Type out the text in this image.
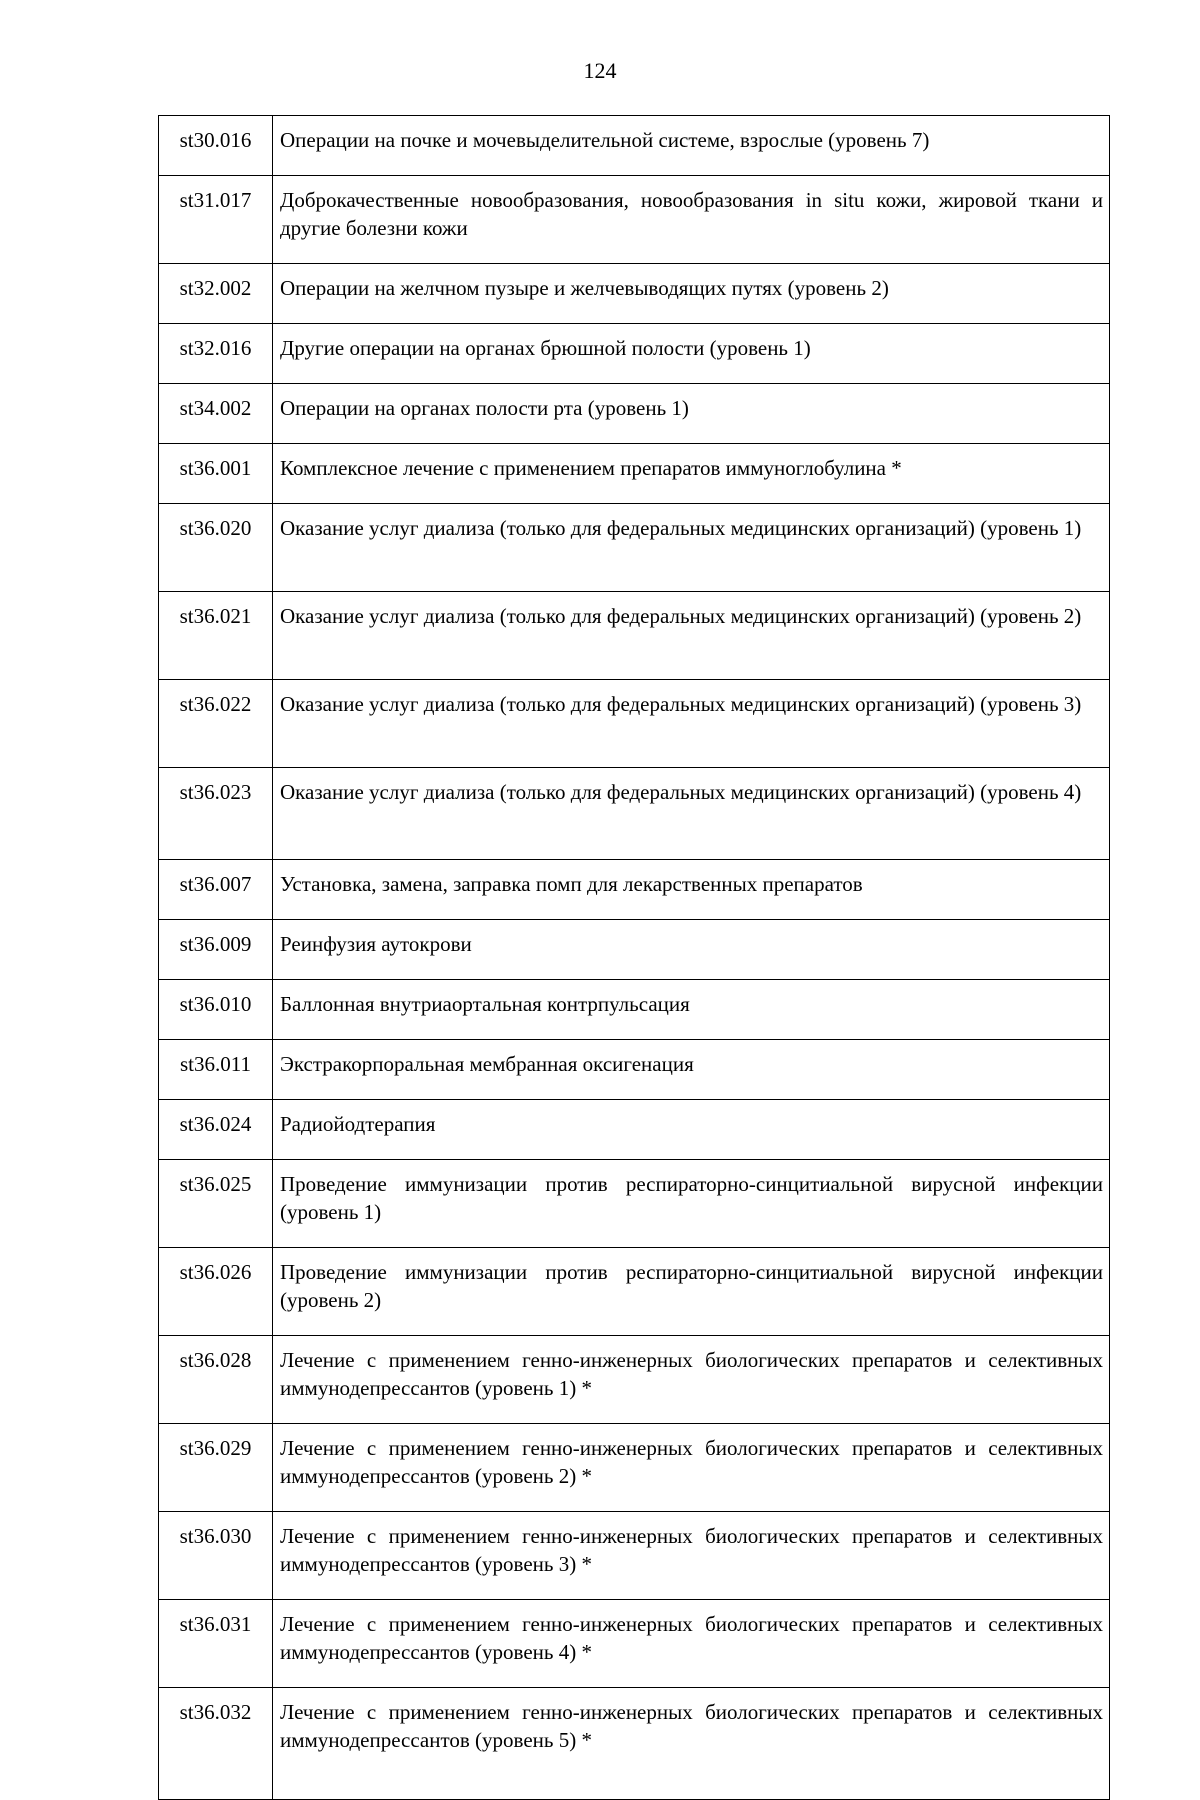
124
st30.016	Операции на почке и мочевыделительной системе, взрослые (уровень 7)
st31.017	Доброкачественные новообразования, новообразования in situ кожи, жировой ткани и другие болезни кожи
st32.002	Операции на желчном пузыре и желчевыводящих путях (уровень 2)
st32.016	Другие операции на органах брюшной полости (уровень 1)
st34.002	Операции на органах полости рта (уровень 1)
st36.001	Комплексное лечение с применением препаратов иммуноглобулина *
st36.020	Оказание услуг диализа (только для федеральных медицинских организаций) (уровень 1)
st36.021	Оказание услуг диализа (только для федеральных медицинских организаций) (уровень 2)
st36.022	Оказание услуг диализа (только для федеральных медицинских организаций) (уровень 3)
st36.023	Оказание услуг диализа (только для федеральных медицинских организаций) (уровень 4)
st36.007	Установка, замена, заправка помп для лекарственных препаратов
st36.009	Реинфузия аутокрови
st36.010	Баллонная внутриаортальная контрпульсация
st36.011	Экстракорпоральная мембранная оксигенация
st36.024	Радиойодтерапия
st36.025	Проведение иммунизации против респираторно-синцитиальной вирусной инфекции (уровень 1)
st36.026	Проведение иммунизации против респираторно-синцитиальной вирусной инфекции (уровень 2)
st36.028	Лечение с применением генно-инженерных биологических препаратов и селективных иммунодепрессантов (уровень 1) *
st36.029	Лечение с применением генно-инженерных биологических препаратов и селективных иммунодепрессантов (уровень 2) *
st36.030	Лечение с применением генно-инженерных биологических препаратов и селективных иммунодепрессантов (уровень 3) *
st36.031	Лечение с применением генно-инженерных биологических препаратов и селективных иммунодепрессантов (уровень 4) *
st36.032	Лечение с применением генно-инженерных биологических препаратов и селективных иммунодепрессантов (уровень 5) *
